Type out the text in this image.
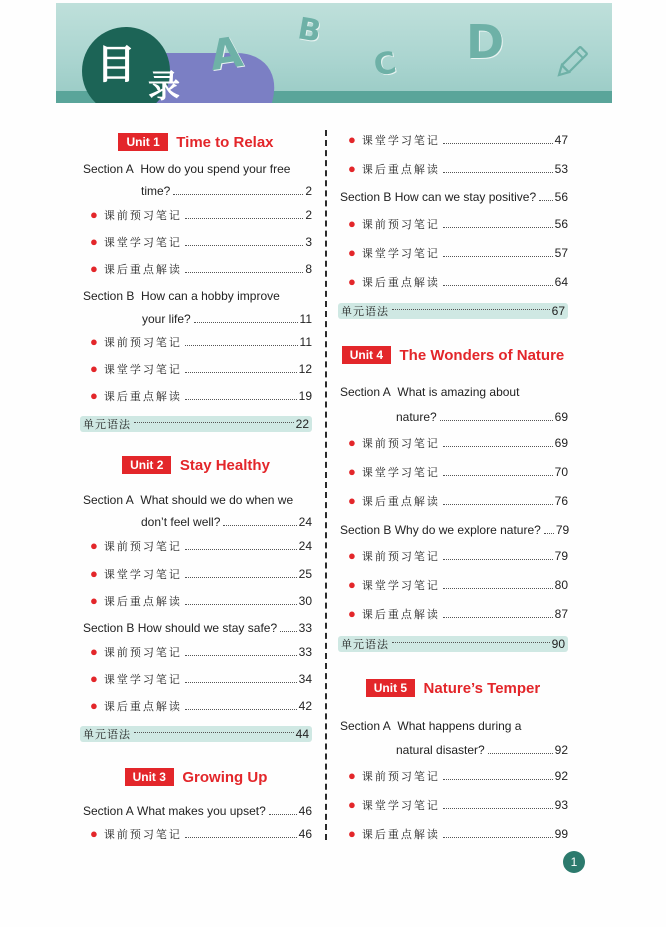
目 录
A B
C D
Unit 1 Time to Relax
Section A How do you spend your free
time?	2
● 课前预习笔记	2
● 课堂学习笔记	3
● 课后重点解读	8
Section B How can a hobby improve
your life?	11
● 课前预习笔记	11
● 课堂学习笔记	12
● 课后重点解读	19
单元语法	22
Unit 2 Stay Healthy
Section A What should we do when we
don’t feel well?	24
● 课前预习笔记	24
● 课堂学习笔记	25
● 课后重点解读	30
Section B
How should we stay safe? 33
● 课前预习笔记	33
● 课堂学习笔记	34
● 课后重点解读	42
单元语法	44
Unit 3 Growing Up
Section A
What makes you upset?	46
● 课前预习笔记	46
● 课堂学习笔记	47
● 课后重点解读	53
Section B
How can we stay positive? 56
● 课前预习笔记	56
● 课堂学习笔记	57
● 课后重点解读	64
单元语法	67
Unit 4 The Wonders of Nature
Section A What is amazing about
nature?	69
● 课前预习笔记	69
● 课堂学习笔记	70
● 课后重点解读	76
Section B
Why do we explore nature? 79
● 课前预习笔记	79
● 课堂学习笔记	80
● 课后重点解读	87
单元语法	90
Unit 5 Nature’s Temper
Section A What happens during a
natural disaster?	92
● 课前预习笔记	92
● 课堂学习笔记	93
● 课后重点解读	99
1
